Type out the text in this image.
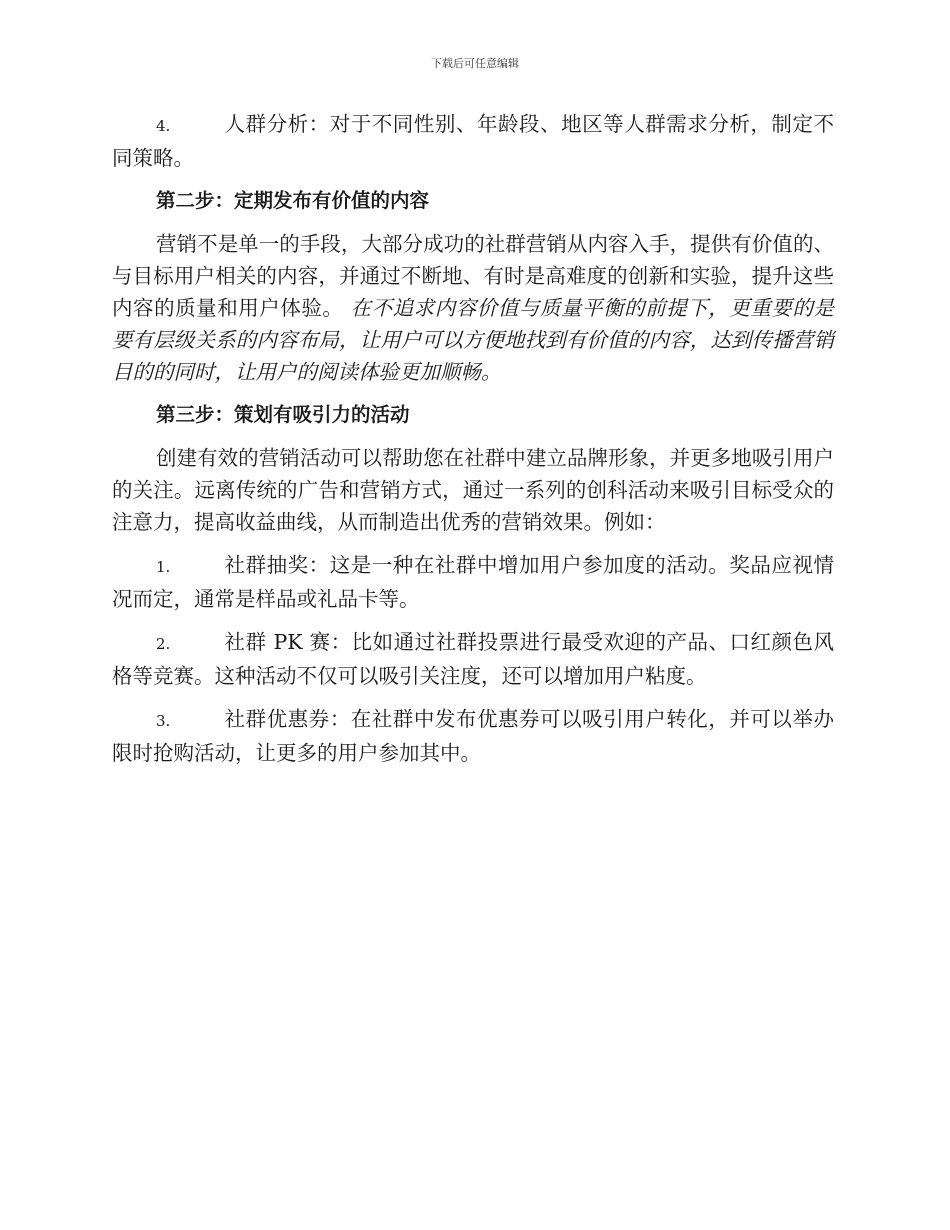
下载后可任意编辑

4.	人群分析：对于不同性别、年龄段、地区等人群需求分析，制定不同策略。

第二步：定期发布有价值的内容

营销不是单一的手段，大部分成功的社群营销从内容入手，提供有价值的、与目标用户相关的内容，并通过不断地、有时是高难度的创新和实验，提升这些内容的质量和用户体验。 在不追求内容价值与质量平衡的前提下，更重要的是要有层级关系的内容布局，让用户可以方便地找到有价值的内容，达到传播营销目的的同时，让用户的阅读体验更加顺畅。

第三步：策划有吸引力的活动

创建有效的营销活动可以帮助您在社群中建立品牌形象，并更多地吸引用户的关注。远离传统的广告和营销方式，通过一系列的创科活动来吸引目标受众的注意力，提高收益曲线，从而制造出优秀的营销效果。例如：

1.	社群抽奖：这是一种在社群中增加用户参加度的活动。奖品应视情况而定，通常是样品或礼品卡等。

2.	社群 PK 赛：比如通过社群投票进行最受欢迎的产品、口红颜色风格等竞赛。这种活动不仅可以吸引关注度，还可以增加用户粘度。

3.	社群优惠券：在社群中发布优惠券可以吸引用户转化，并可以举办限时抢购活动，让更多的用户参加其中。
